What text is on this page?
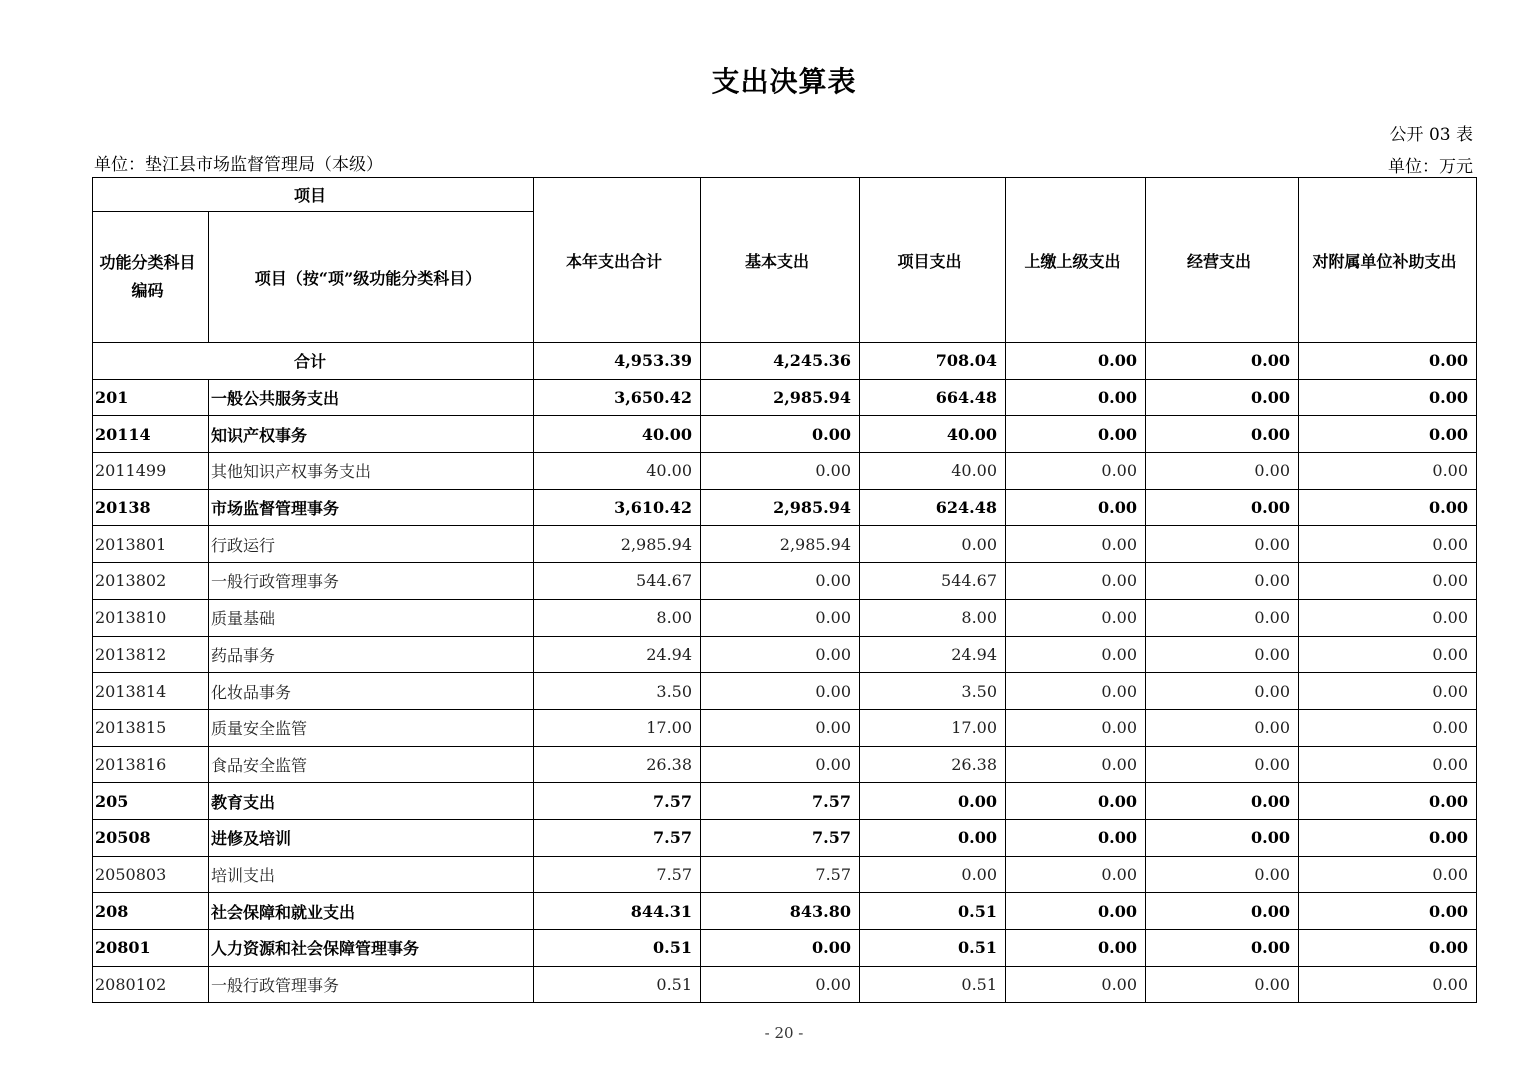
支出决算表
公开 03 表
单位：垫江县市场监督管理局（本级）	单位：万元
项目		本年支出合计	基本支出	项目支出	上缴上级支出	经营支出	对附属单位补助支出
功能分类科目编码	项目（按“项”级功能分类科目）						
合计		4,953.39	4,245.36	708.04	0.00	0.00	0.00
201	一般公共服务支出	3,650.42	2,985.94	664.48	0.00	0.00	0.00
20114	知识产权事务	40.00	0.00	40.00	0.00	0.00	0.00
2011499	其他知识产权事务支出	40.00	0.00	40.00	0.00	0.00	0.00
20138	市场监督管理事务	3,610.42	2,985.94	624.48	0.00	0.00	0.00
2013801	行政运行	2,985.94	2,985.94	0.00	0.00	0.00	0.00
2013802	一般行政管理事务	544.67	0.00	544.67	0.00	0.00	0.00
2013810	质量基础	8.00	0.00	8.00	0.00	0.00	0.00
2013812	药品事务	24.94	0.00	24.94	0.00	0.00	0.00
2013814	化妆品事务	3.50	0.00	3.50	0.00	0.00	0.00
2013815	质量安全监管	17.00	0.00	17.00	0.00	0.00	0.00
2013816	食品安全监管	26.38	0.00	26.38	0.00	0.00	0.00
205	教育支出	7.57	7.57	0.00	0.00	0.00	0.00
20508	进修及培训	7.57	7.57	0.00	0.00	0.00	0.00
2050803	培训支出	7.57	7.57	0.00	0.00	0.00	0.00
208	社会保障和就业支出	844.31	843.80	0.51	0.00	0.00	0.00
20801	人力资源和社会保障管理事务	0.51	0.00	0.51	0.00	0.00	0.00
2080102	一般行政管理事务	0.51	0.00	0.51	0.00	0.00	0.00
- 20 -
